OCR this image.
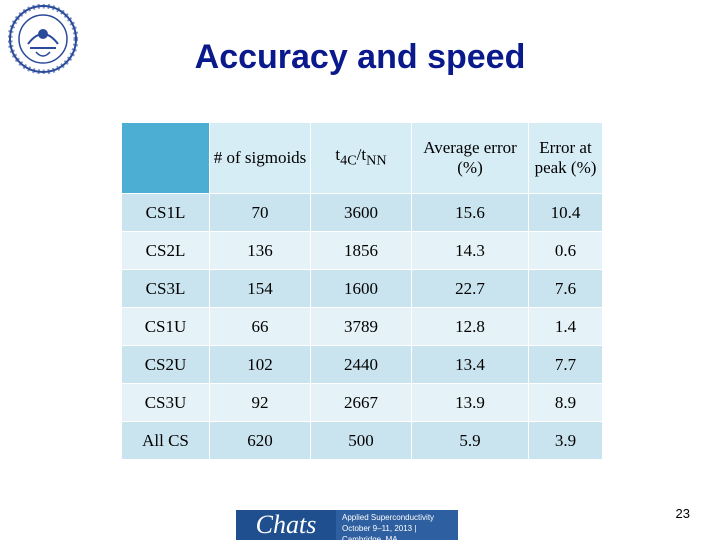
Accuracy and speed
	# of sigmoids	$t_{4C}/t_{NN}$	Average error (%)	Error at peak (%)
CS1L	70	3600	15.6	10.4
CS2L	136	1856	14.3	0.6
CS3L	154	1600	22.7	7.6
CS1U	66	3789	12.8	1.4
CS2U	102	2440	13.4	7.7
CS3U	92	2667	13.9	8.9
All CS	620	500	5.9	3.9
Chats	Applied Superconductivity
October 9–11, 2013 | Cambridge, MA
23
